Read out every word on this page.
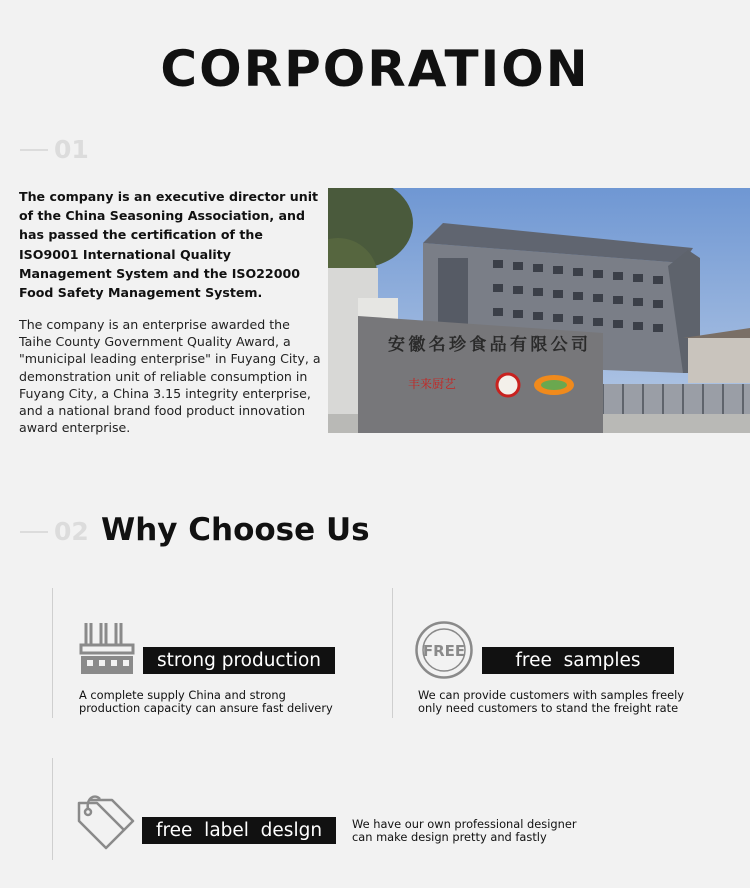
CORPORATION
01
The company is an executive director unit of the China Seasoning Association, and has passed the certification of the ISO9001 International Quality Management System and the ISO22000 Food Safety Management System.
The company is an enterprise awarded the Taihe County Government Quality Award, a "municipal leading enterprise" in Fuyang City, a demonstration unit of reliable consumption in Fuyang City, a China 3.15 integrity enterprise, and a national brand food product innovation award enterprise.
安徽名珍食品有限公司
丰来厨艺
02 Why Choose Us
strong production
A complete supply China and strong
production capacity can ansure fast delivery
FREE	free  samples
We can provide customers with samples freely
only need customers to stand the freight rate
free  label  deslgn	We have our own professional designer
can make design pretty and fastly
